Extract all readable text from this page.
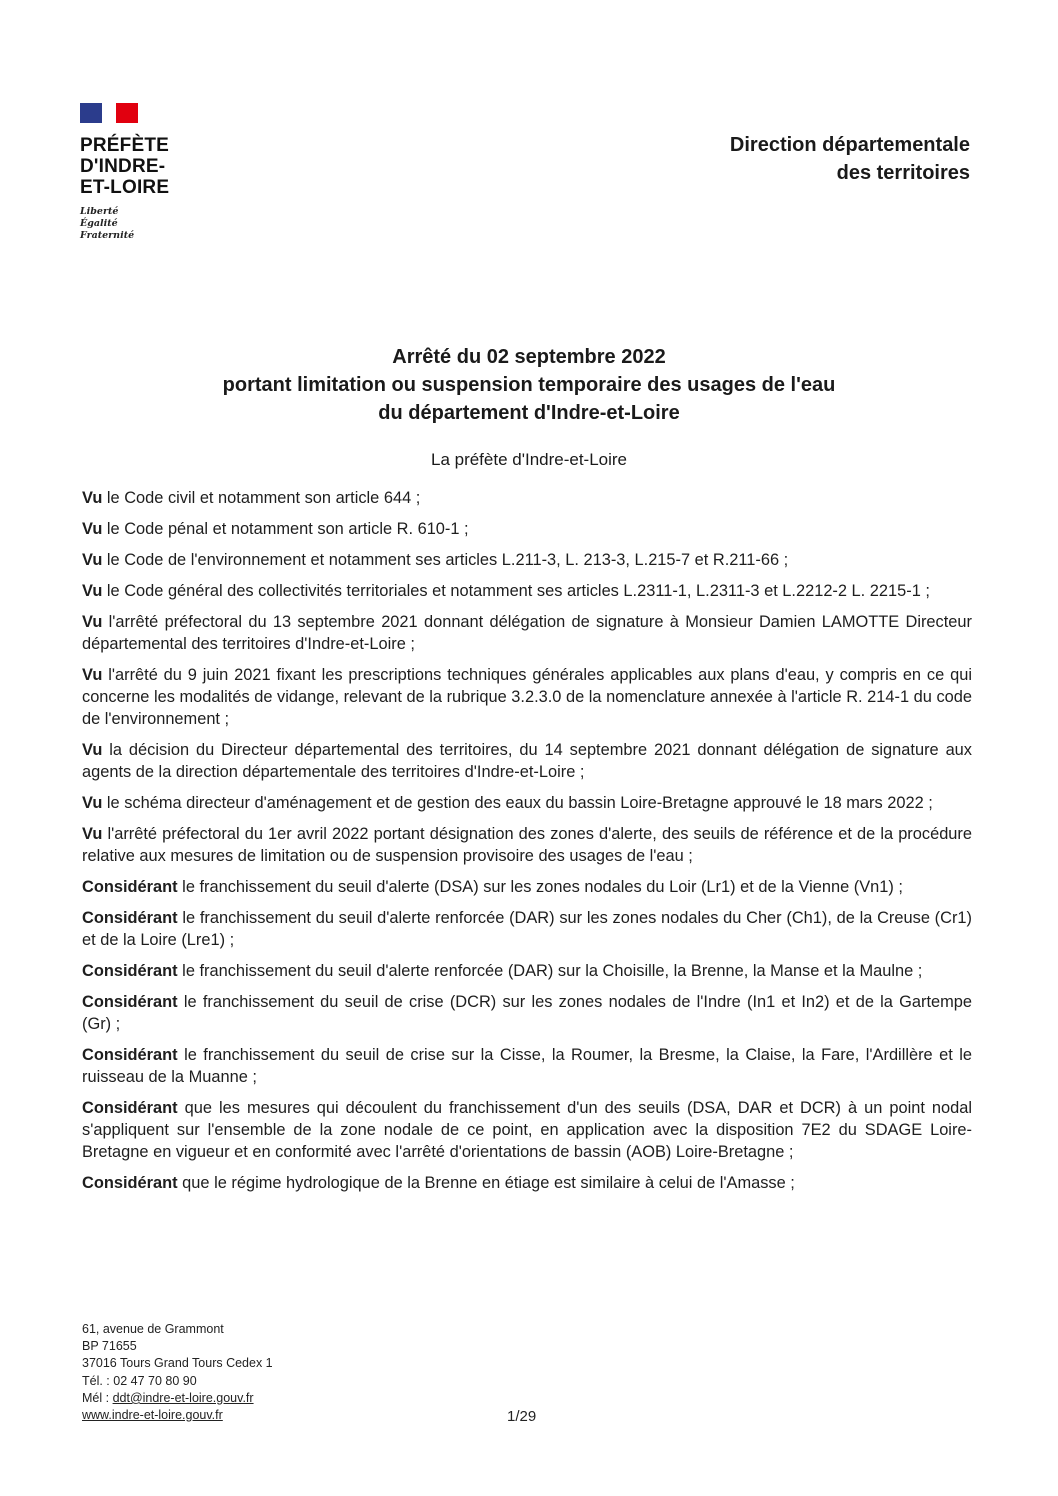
PRÉFÈTE
D'INDRE-
ET-LOIRE
Liberté
Égalité
Fraternité
Direction départementale
des territoires
Arrêté du 02 septembre 2022
portant limitation ou suspension temporaire des usages de l'eau
du département d'Indre-et-Loire
La préfète d'Indre-et-Loire

Vu le Code civil et notamment son article 644 ;

Vu le Code pénal et notamment son article R. 610-1 ;

Vu le Code de l'environnement et notamment ses articles L.211-3, L. 213-3, L.215-7 et R.211-66 ;

Vu le Code général des collectivités territoriales et notamment ses articles L.2311-1, L.2311-3 et L.2212-2 L. 2215-1 ;

Vu l'arrêté préfectoral du 13 septembre 2021 donnant délégation de signature à Monsieur Damien LAMOTTE Directeur départemental des territoires d'Indre-et-Loire ;

Vu l'arrêté du 9 juin 2021 fixant les prescriptions techniques générales applicables aux plans d'eau, y compris en ce qui concerne les modalités de vidange, relevant de la rubrique 3.2.3.0 de la nomenclature annexée à l'article R. 214-1 du code de l'environnement ;

Vu la décision du Directeur départemental des territoires, du 14 septembre 2021 donnant délégation de signature aux agents de la direction départementale des territoires d'Indre-et-Loire ;

Vu le schéma directeur d'aménagement et de gestion des eaux du bassin Loire-Bretagne approuvé le 18 mars 2022 ;

Vu l'arrêté préfectoral du 1er avril 2022 portant désignation des zones d'alerte, des seuils de référence et de la procédure relative aux mesures de limitation ou de suspension provisoire des usages de l'eau ;

Considérant le franchissement du seuil d'alerte (DSA) sur les zones nodales du Loir (Lr1) et de la Vienne (Vn1) ;

Considérant le franchissement du seuil d'alerte renforcée (DAR) sur les zones nodales du Cher (Ch1), de la Creuse (Cr1) et de la Loire (Lre1) ;

Considérant le franchissement du seuil d'alerte renforcée (DAR) sur la Choisille, la Brenne, la Manse et la Maulne ;

Considérant le franchissement du seuil de crise (DCR) sur les zones nodales de l'Indre (In1 et In2) et de la Gartempe (Gr) ;

Considérant le franchissement du seuil de crise sur la Cisse, la Roumer, la Bresme, la Claise, la Fare, l'Ardillère et le ruisseau de la Muanne ;

Considérant que les mesures qui découlent du franchissement d'un des seuils (DSA, DAR et DCR) à un point nodal s'appliquent sur l'ensemble de la zone nodale de ce point, en application avec la disposition 7E2 du SDAGE Loire-Bretagne en vigueur et en conformité avec l'arrêté d'orientations de bassin (AOB) Loire-Bretagne ;

Considérant que le régime hydrologique de la Brenne en étiage est similaire à celui de l'Amasse ;

61, avenue de Grammont
BP 71655
37016 Tours Grand Tours Cedex 1
Tél. : 02 47 70 80 90
Mél : ddt@indre-et-loire.gouv.fr
www.indre-et-loire.gouv.fr	1/29
